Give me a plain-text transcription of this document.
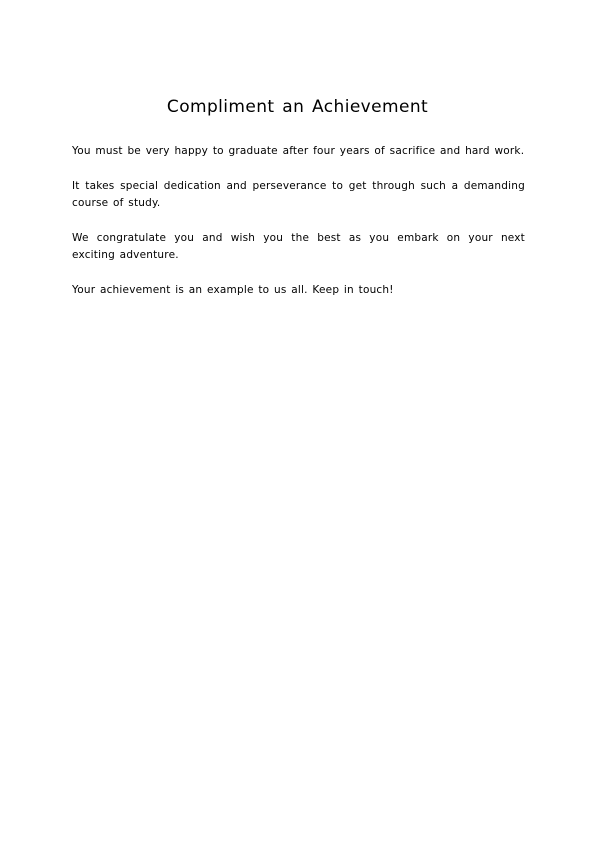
Compliment an Achievement

You must be very happy to graduate after four years of sacrifice and hard work.

It takes special dedication and perseverance to get through such a demanding course of study.

We congratulate you and wish you the best as you embark on your next exciting adventure.

Your achievement is an example to us all. Keep in touch!
